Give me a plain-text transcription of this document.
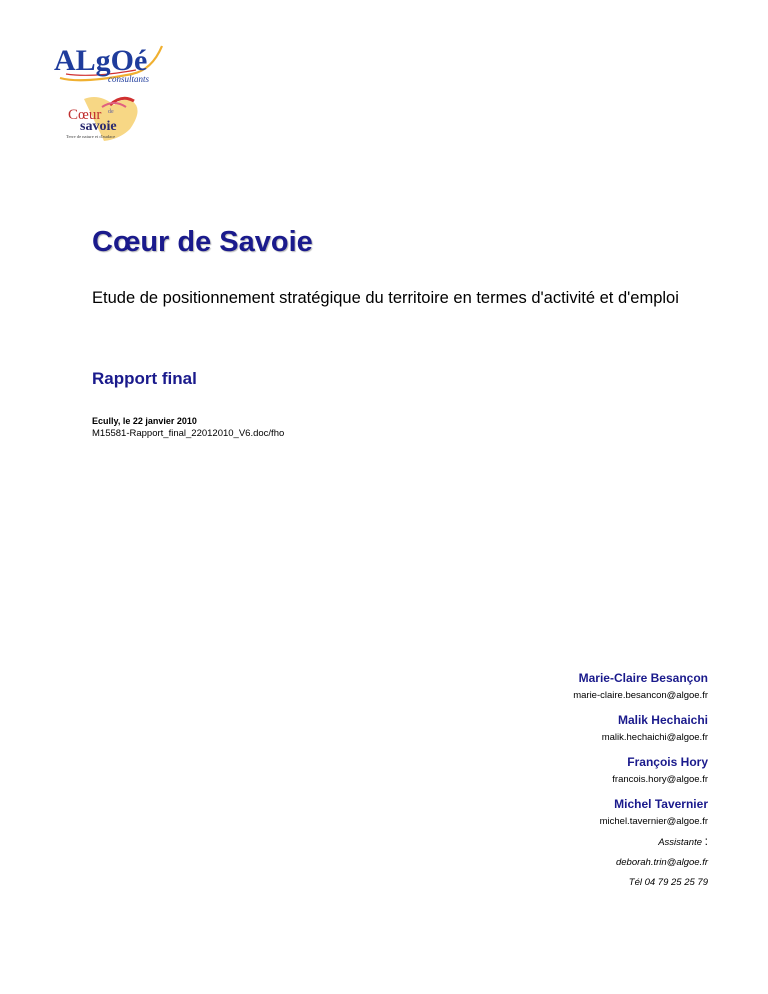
ALgOé
consultants
Cœur de
savoie
Terre de nature et d'audace
Cœur de Savoie

Etude de positionnement stratégique du territoire en termes d'activité et d'emploi

Rapport final
Ecully, le 22 janvier 2010
M15581-Rapport_final_22012010_V6.doc/fho
Marie-Claire Besançon
marie-claire.besancon@algoe.fr
Malik Hechaichi
malik.hechaichi@algoe.fr
François Hory
francois.hory@algoe.fr
Michel Tavernier
michel.tavernier@algoe.fr
Assistante :
deborah.trin@algoe.fr
Tél 04 79 25 25 79
